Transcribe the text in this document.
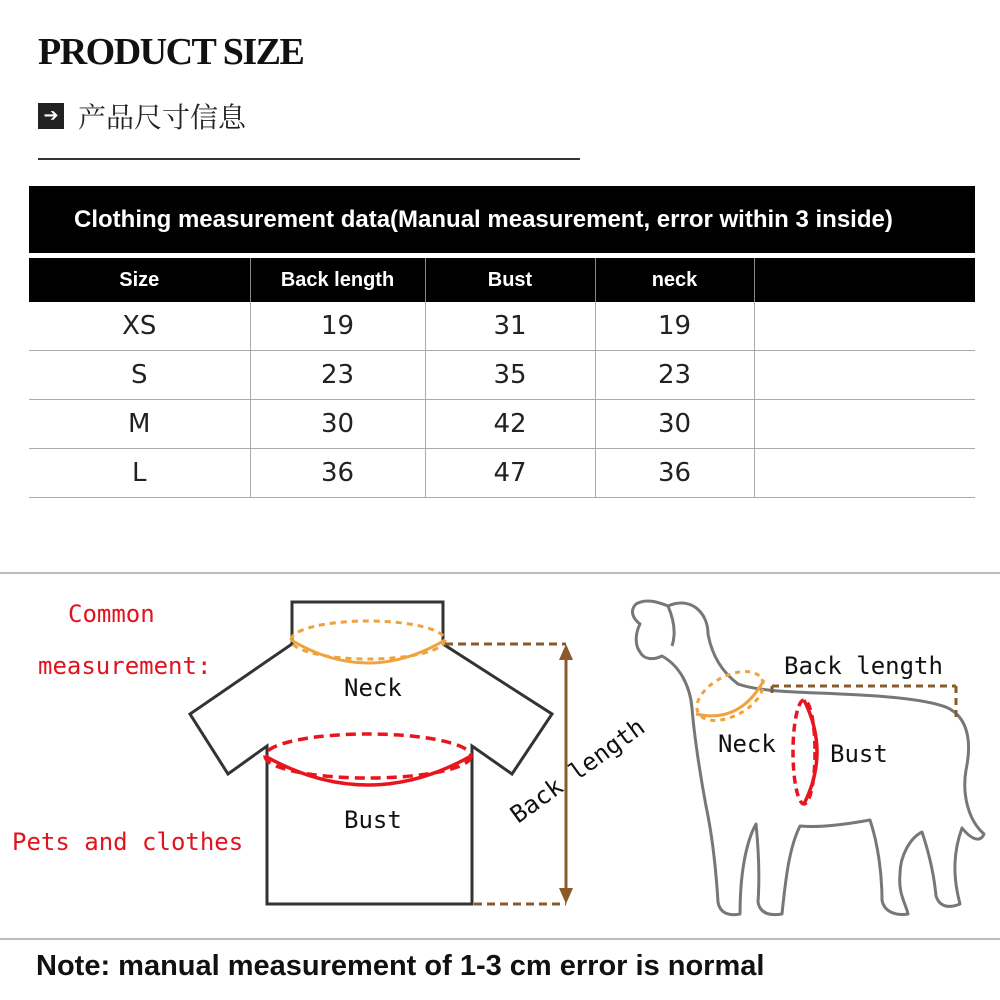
PRODUCT SIZE
➔ 产品尺寸信息
Clothing measurement data(Manual measurement, error within 3 inside)
Size	Back length	Bust	neck	
XS	19	31	19	
S	23	35	23	
M	30	42	30	
L	36	47	36	
Common
measurement:
Pets and clothes
Neck
Bust	Back length
Back length
Neck Bust
Note: manual measurement of 1-3 cm error is normal
